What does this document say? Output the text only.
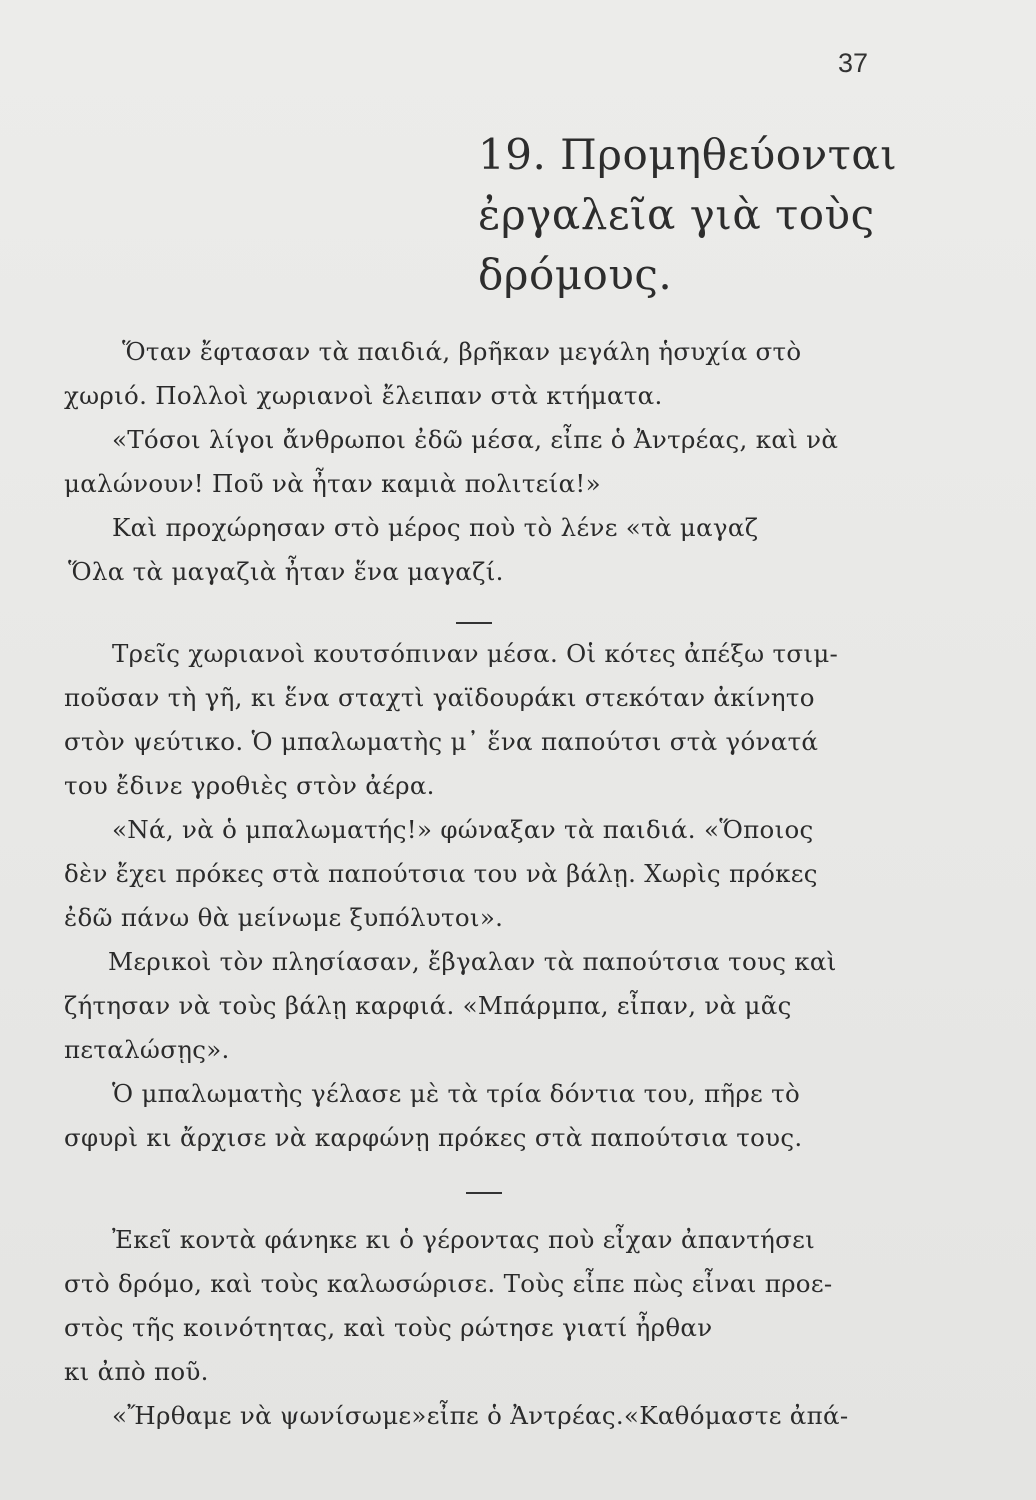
37
19. Προμηθεύονται
ἐργαλεῖα γιὰ τοὺς
δρόμους.
Ὅταν ἔφτασαν τὰ παιδιά, βρῆκαν μεγάλη ἡσυχία στὸ
χωριό. Πολλοὶ χωριανοὶ ἔλειπαν στὰ κτήματα.
«Τόσοι λίγοι ἄνθρωποι ἐδῶ μέσα, εἶπε ὁ Ἀντρέας, καὶ νὰ
μαλώνουν! Ποῦ νὰ ἦταν καμιὰ πολιτεία!»
Καὶ προχώρησαν στὸ μέρος ποὺ τὸ λένε «τὰ μαγαζ
Ὅλα τὰ μαγαζιὰ ἦταν ἕνα μαγαζί.
Τρεῖς χωριανοὶ κουτσόπιναν μέσα. Οἱ κότες ἀπέξω τσιμ-
ποῦσαν τὴ γῆ, κι ἕνα σταχτὶ γαϊδουράκι στεκόταν ἀκίνητο
στὸν ψεύτικο. Ὁ μπαλωματὴς μ᾽ ἕνα παπούτσι στὰ γόνατά
του ἔδινε γροθιὲς στὸν ἀέρα.
«Νά, νὰ ὁ μπαλωματής!» φώναξαν τὰ παιδιά. «Ὅποιος
δὲν ἔχει πρόκες στὰ παπούτσια του νὰ βάλῃ. Χωρὶς πρόκες
ἐδῶ πάνω θὰ μείνωμε ξυπόλυτοι».
Μερικοὶ τὸν πλησίασαν, ἔβγαλαν τὰ παπούτσια τους καὶ
ζήτησαν νὰ τοὺς βάλῃ καρφιά. «Μπάρμπα, εἶπαν, νὰ μᾶς
πεταλώσῃς».
Ὁ μπαλωματὴς γέλασε μὲ τὰ τρία δόντια του, πῆρε τὸ
σφυρὶ κι ἄρχισε νὰ καρφώνῃ πρόκες στὰ παπούτσια τους.
Ἐκεῖ κοντὰ φάνηκε κι ὁ γέροντας ποὺ εἶχαν ἀπαντήσει
στὸ δρόμο, καὶ τοὺς καλωσώρισε. Τοὺς εἶπε πὼς εἶναι προε-
στὸς τῆς κοινότητας, καὶ τοὺς ρώτησε γιατί ἦρθαν
κι ἀπὸ ποῦ.
«Ἤρθαμε νὰ ψωνίσωμε»εἶπε ὁ Ἀντρέας.«Καθόμαστε ἀπά-
